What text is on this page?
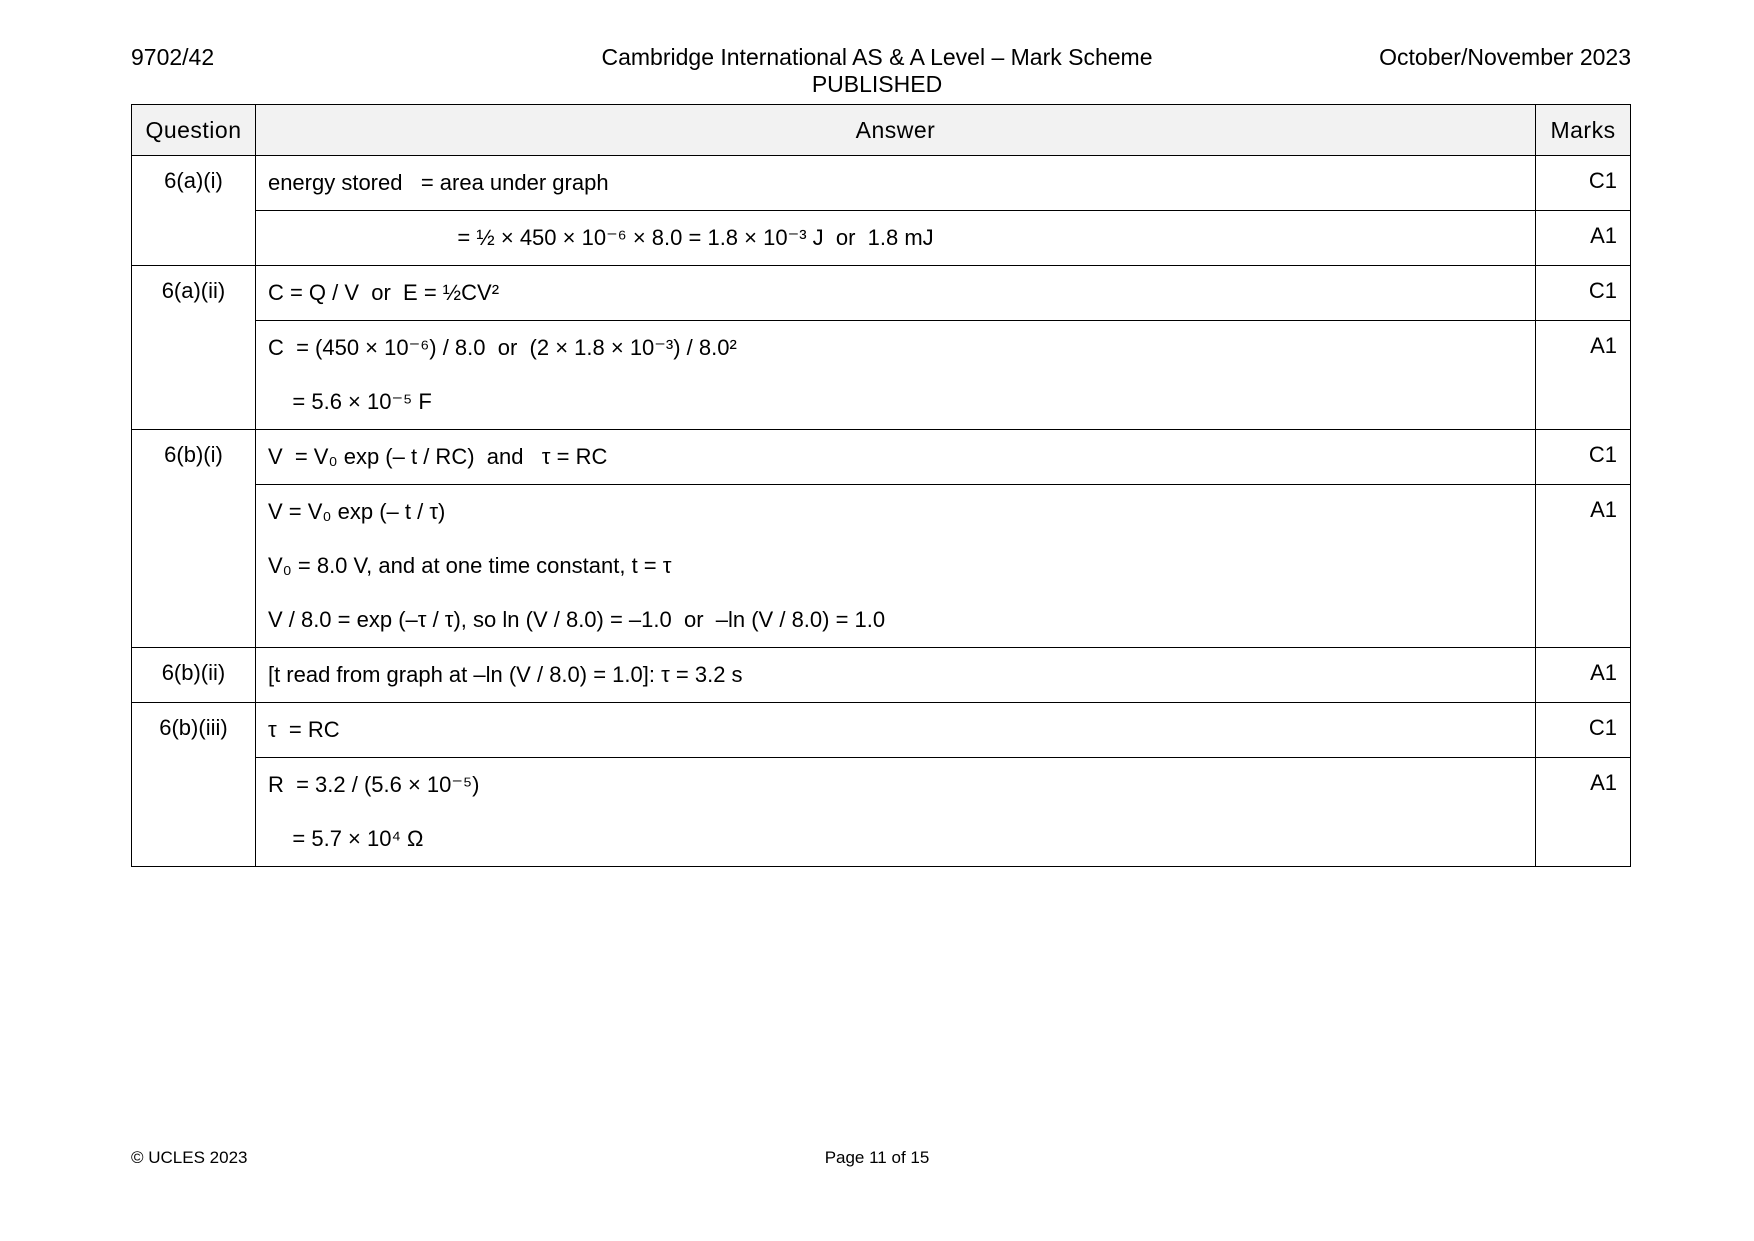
9702/42	Cambridge International AS & A Level – Mark Scheme
PUBLISHED
October/November 2023
Question	Answer	Marks
6(a)(i)	energy stored   = area under graph	C1

	= ½ × 450 × 10⁻⁶ × 8.0 = 1.8 × 10⁻³ J  or  1.8 mJ	A1
6(a)(ii)	C = Q / V  or  E = ½CV²	C1

	C  = (450 × 10⁻⁶) / 8.0  or  (2 × 1.8 × 10⁻³) / 8.0²
= 5.6 × 10⁻⁵ F	A1
6(b)(i)	V  = V₀ exp (– t / RC)  and   τ = RC	C1

	V = V₀ exp (– t / τ)
V₀ = 8.0 V, and at one time constant, t = τ
V / 8.0 = exp (–τ / τ), so ln (V / 8.0) = –1.0  or  –ln (V / 8.0) = 1.0	A1
6(b)(ii)	[t read from graph at –ln (V / 8.0) = 1.0]: τ = 3.2 s	A1
6(b)(iii)	τ  = RC	C1

	R  = 3.2 / (5.6 × 10⁻⁵)
= 5.7 × 10⁴ Ω	A1
© UCLES 2023	Page 11 of 15
